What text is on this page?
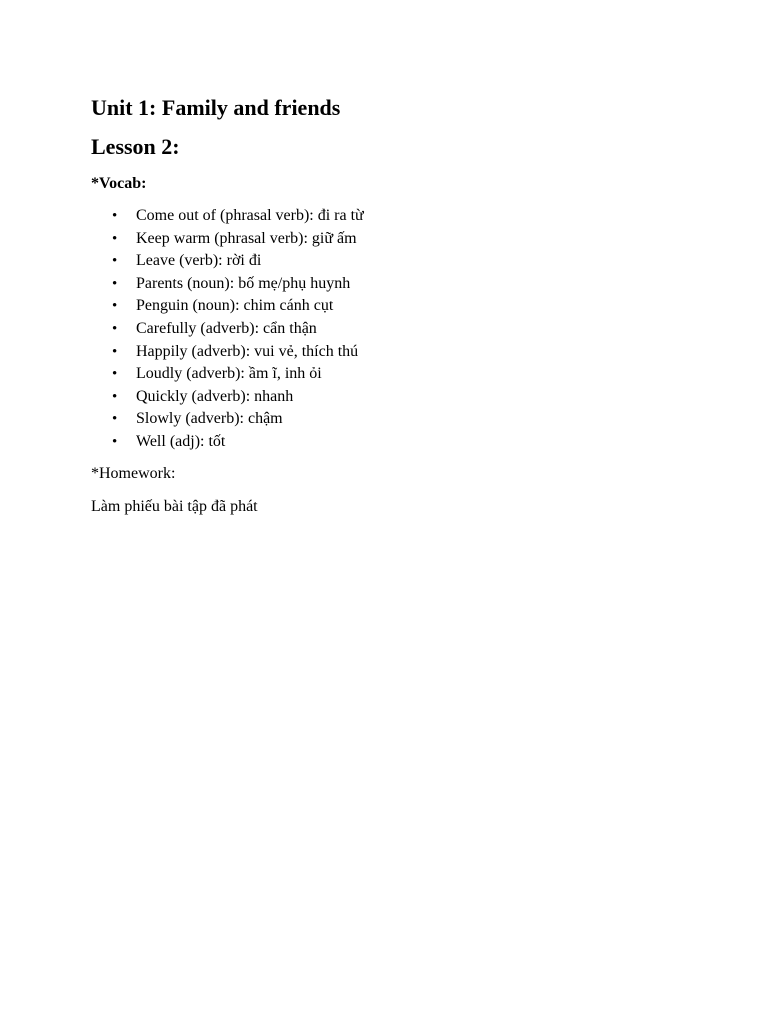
Unit 1: Family and friends
Lesson 2:

*Vocab:

• Come out of (phrasal verb): đi ra từ
• Keep warm (phrasal verb): giữ ấm
• Leave (verb): rời đi
• Parents (noun): bố mẹ/phụ huynh
• Penguin (noun): chim cánh cụt
• Carefully (adverb): cẩn thận
• Happily (adverb): vui vẻ, thích thú
• Loudly (adverb): ầm ĩ, inh ỏi
• Quickly (adverb): nhanh
• Slowly (adverb): chậm
• Well (adj): tốt

*Homework:

Làm phiếu bài tập đã phát
